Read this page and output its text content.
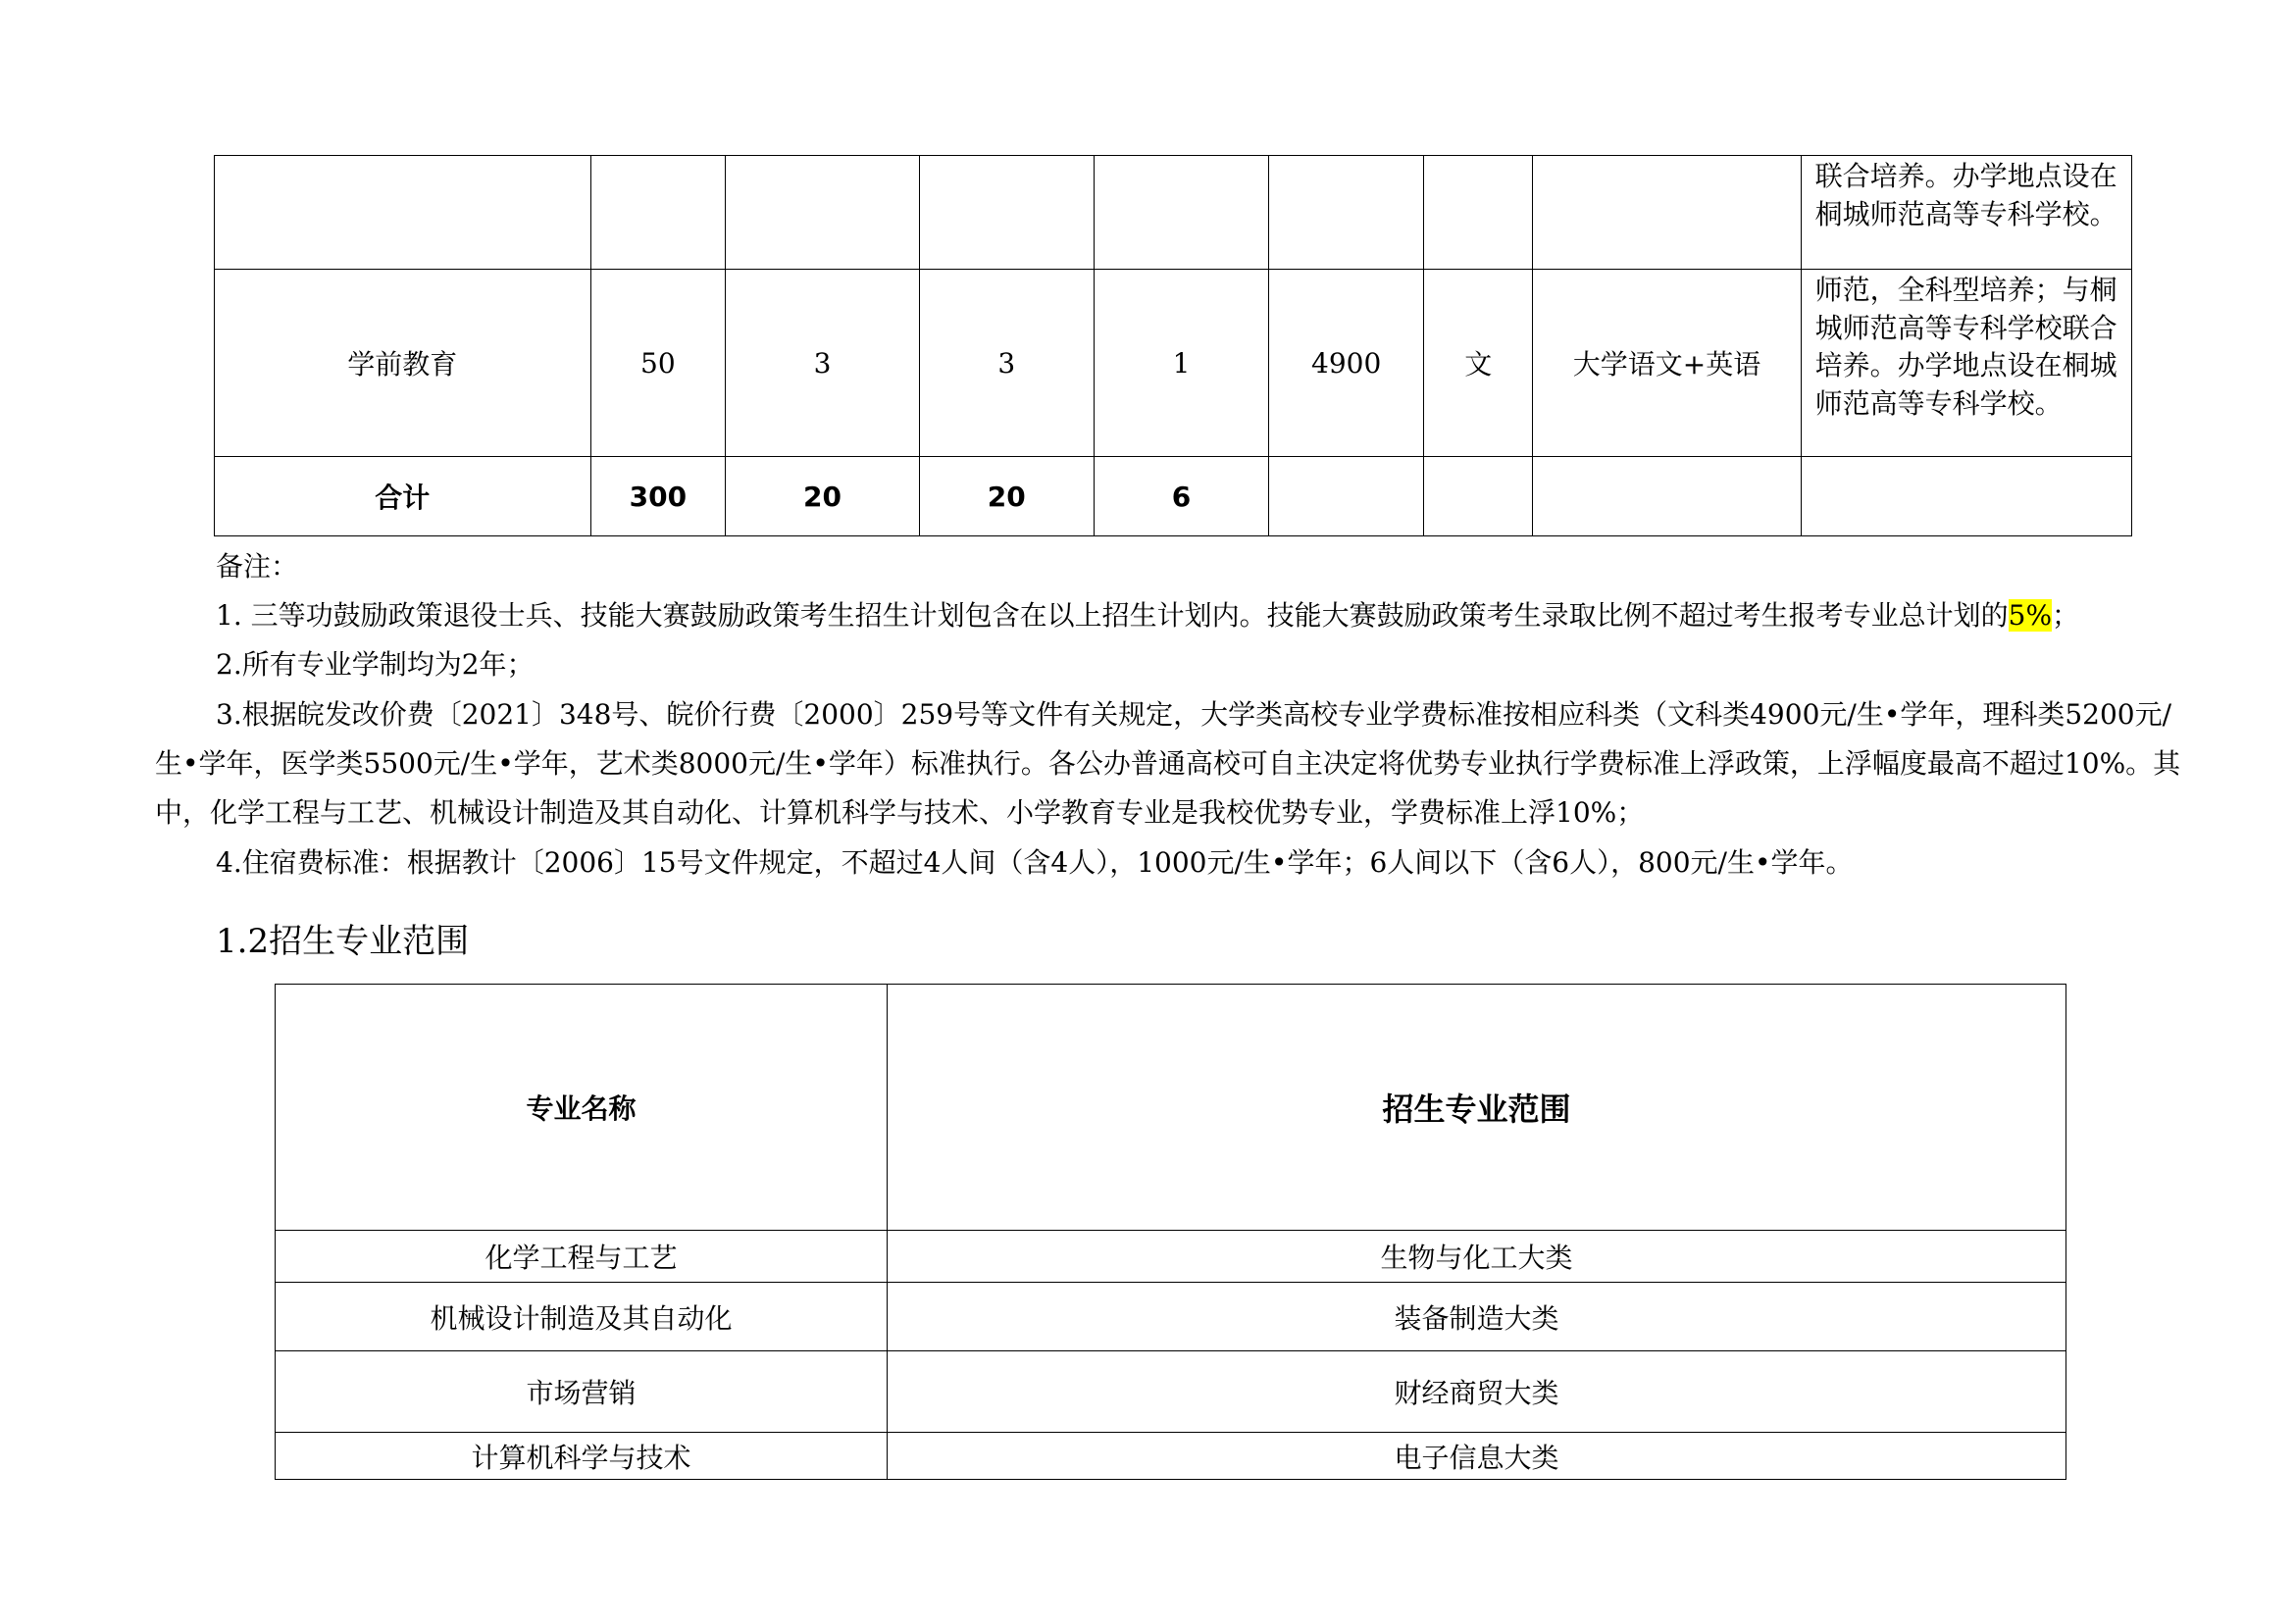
								联合培养。办学地点设在桐城师范高等专科学校。
学前教育	50	3	3	1	4900	文	大学语文+英语	师范，全科型培养；与桐城师范高等专科学校联合培养。办学地点设在桐城师范高等专科学校。
合计	300	20	20	6				
备注：
1. 三等功鼓励政策退役士兵、技能大赛鼓励政策考生招生计划包含在以上招生计划内。技能大赛鼓励政策考生录取比例不超过考生报考专业总计划的5%；
2.所有专业学制均为2年；
3.根据皖发改价费〔2021〕348号、皖价行费〔2000〕259号等文件有关规定，大学类高校专业学费标准按相应科类（文科类4900元/生•学年，理科类5200元/生•学年，医学类5500元/生•学年，艺术类8000元/生•学年）标准执行。各公办普通高校可自主决定将优势专业执行学费标准上浮政策，上浮幅度最高不超过10%。其中，化学工程与工艺、机械设计制造及其自动化、计算机科学与技术、小学教育专业是我校优势专业，学费标准上浮10%；
4.住宿费标准：根据教计〔2006〕15号文件规定，不超过4人间（含4人），1000元/生•学年；6人间以下（含6人），800元/生•学年。
1.2招生专业范围
专业名称	招生专业范围
化学工程与工艺	生物与化工大类
机械设计制造及其自动化	装备制造大类
市场营销	财经商贸大类
计算机科学与技术	电子信息大类
